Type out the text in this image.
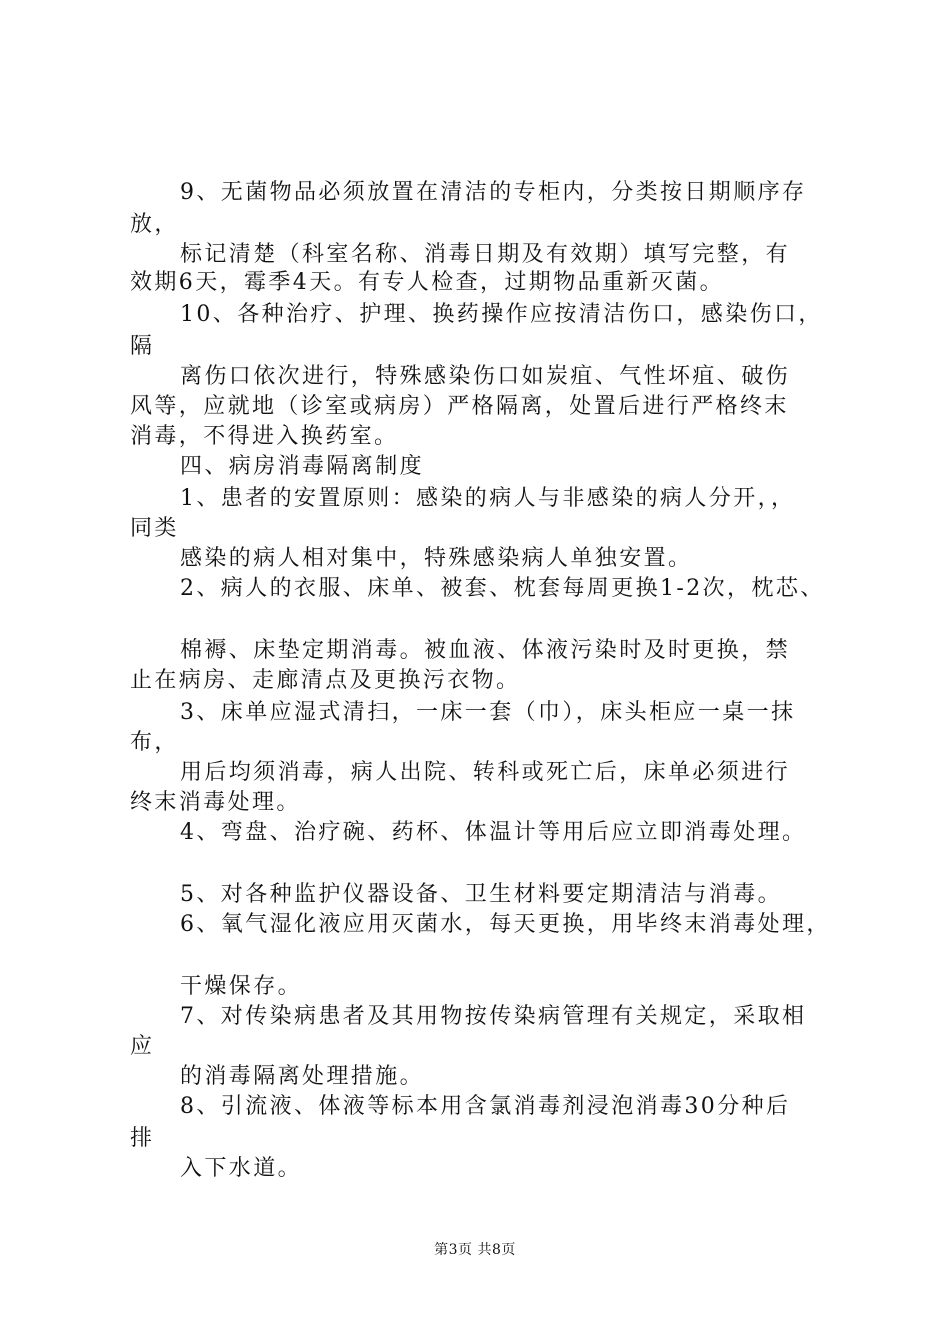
9、无菌物品必须放置在清洁的专柜内，分类按日期顺序存
放，
标记清楚（科室名称、消毒日期及有效期）填写完整，有
效期6天，霉季4天。有专人检查，过期物品重新灭菌。
10、各种治疗、护理、换药操作应按清洁伤口，感染伤口，
隔
离伤口依次进行，特殊感染伤口如炭疽、气性坏疽、破伤
风等，应就地（诊室或病房）严格隔离，处置后进行严格终末
消毒，不得进入换药室。
四、病房消毒隔离制度
1、患者的安置原则：感染的病人与非感染的病人分开，，
同类
感染的病人相对集中，特殊感染病人单独安置。
2、病人的衣服、床单、被套、枕套每周更换1-2次，枕芯、
棉褥、床垫定期消毒。被血液、体液污染时及时更换，禁
止在病房、走廊清点及更换污衣物。
3、床单应湿式清扫，一床一套（巾），床头柜应一桌一抹
布，
用后均须消毒，病人出院、转科或死亡后，床单必须进行
终末消毒处理。
4、弯盘、治疗碗、药杯、体温计等用后应立即消毒处理。
5、对各种监护仪器设备、卫生材料要定期清洁与消毒。
6、氧气湿化液应用灭菌水，每天更换，用毕终末消毒处理，
干燥保存。
7、对传染病患者及其用物按传染病管理有关规定，采取相
应
的消毒隔离处理措施。
8、引流液、体液等标本用含氯消毒剂浸泡消毒30分种后
排
入下水道。
第3页 共8页
